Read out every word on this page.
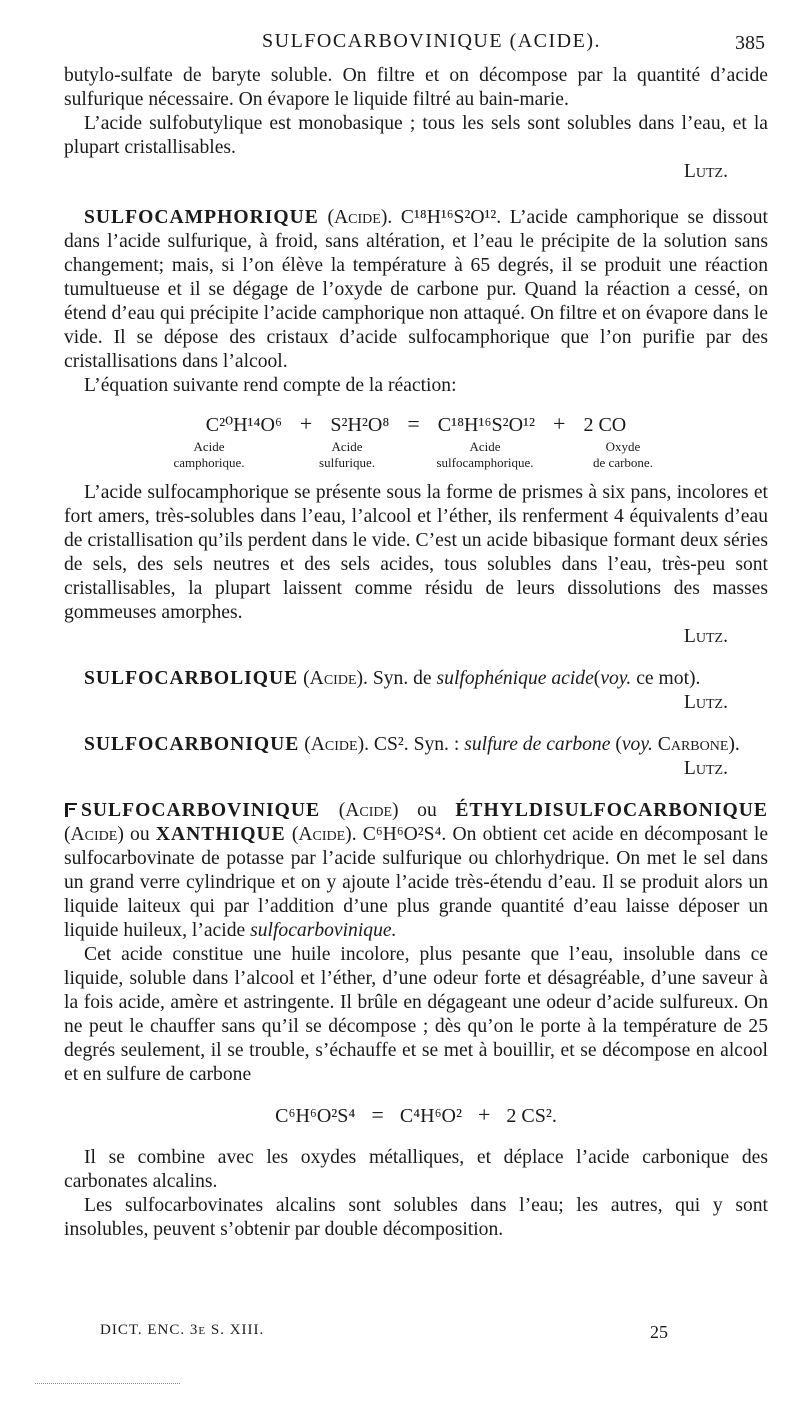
SULFOCARBOVINIQUE (ACIDE).	385

butylo-sulfate de baryte soluble. On filtre et on décompose par la quantité d’acide sulfurique nécessaire. On évapore le liquide filtré au bain-marie.

L’acide sulfobutylique est monobasique ; tous les sels sont solubles dans l’eau, et la plupart cristallisables.

Lutz.

SULFOCAMPHORIQUE (Acide). C¹⁸H¹⁶S²O¹². L’acide camphorique se dissout dans l’acide sulfurique, à froid, sans altération, et l’eau le précipite de la solution sans changement; mais, si l’on élève la température à 65 degrés, il se produit une réaction tumultueuse et il se dégage de l’oxyde de carbone pur. Quand la réaction a cessé, on étend d’eau qui précipite l’acide camphorique non attaqué. On filtre et on évapore dans le vide. Il se dépose des cristaux d’acide sulfocamphorique que l’on purifie par des cristallisations dans l’alcool.

L’équation suivante rend compte de la réaction:

C²⁰H¹⁴O⁶ + S²H²O⁸ = C¹⁸H¹⁶S²O¹² + 2 CO
Acide
camphorique.
Acide
sulfurique.
Acide
sulfocamphorique.
Oxyde
de carbone.

L’acide sulfocamphorique se présente sous la forme de prismes à six pans, incolores et fort amers, très-solubles dans l’eau, l’alcool et l’éther, ils renferment 4 équivalents d’eau de cristallisation qu’ils perdent dans le vide. C’est un acide bibasique formant deux séries de sels, des sels neutres et des sels acides, tous solubles dans l’eau, très-peu sont cristallisables, la plupart laissent comme résidu de leurs dissolutions des masses gommeuses amorphes.

Lutz.

SULFOCARBOLIQUE (Acide). Syn. de sulfophénique acide(voy. ce mot).

Lutz.

SULFOCARBONIQUE (Acide). CS². Syn. : sulfure de carbone (voy. Carbone).

Lutz.

SULFOCARBOVINIQUE (Acide) ou ÉTHYLDISULFOCARBONIQUE (Acide) ou XANTHIQUE (Acide). C⁶H⁶O²S⁴. On obtient cet acide en décomposant le sulfocarbovinate de potasse par l’acide sulfurique ou chlorhydrique. On met le sel dans un grand verre cylindrique et on y ajoute l’acide très-étendu d’eau. Il se produit alors un liquide laiteux qui par l’addition d’une plus grande quantité d’eau laisse déposer un liquide huileux, l’acide sulfocarbovinique.

Cet acide constitue une huile incolore, plus pesante que l’eau, insoluble dans ce liquide, soluble dans l’alcool et l’éther, d’une odeur forte et désagréable, d’une saveur à la fois acide, amère et astringente. Il brûle en dégageant une odeur d’acide sulfureux. On ne peut le chauffer sans qu’il se décompose ; dès qu’on le porte à la température de 25 degrés seulement, il se trouble, s’échauffe et se met à bouillir, et se décompose en alcool et en sulfure de carbone

C⁶H⁶O²S⁴ = C⁴H⁶O² + 2 CS².

Il se combine avec les oxydes métalliques, et déplace l’acide carbonique des carbonates alcalins.

Les sulfocarbovinates alcalins sont solubles dans l’eau; les autres, qui y sont insolubles, peuvent s’obtenir par double décomposition.

DICT. ENC. 3e S. XIII.	25
